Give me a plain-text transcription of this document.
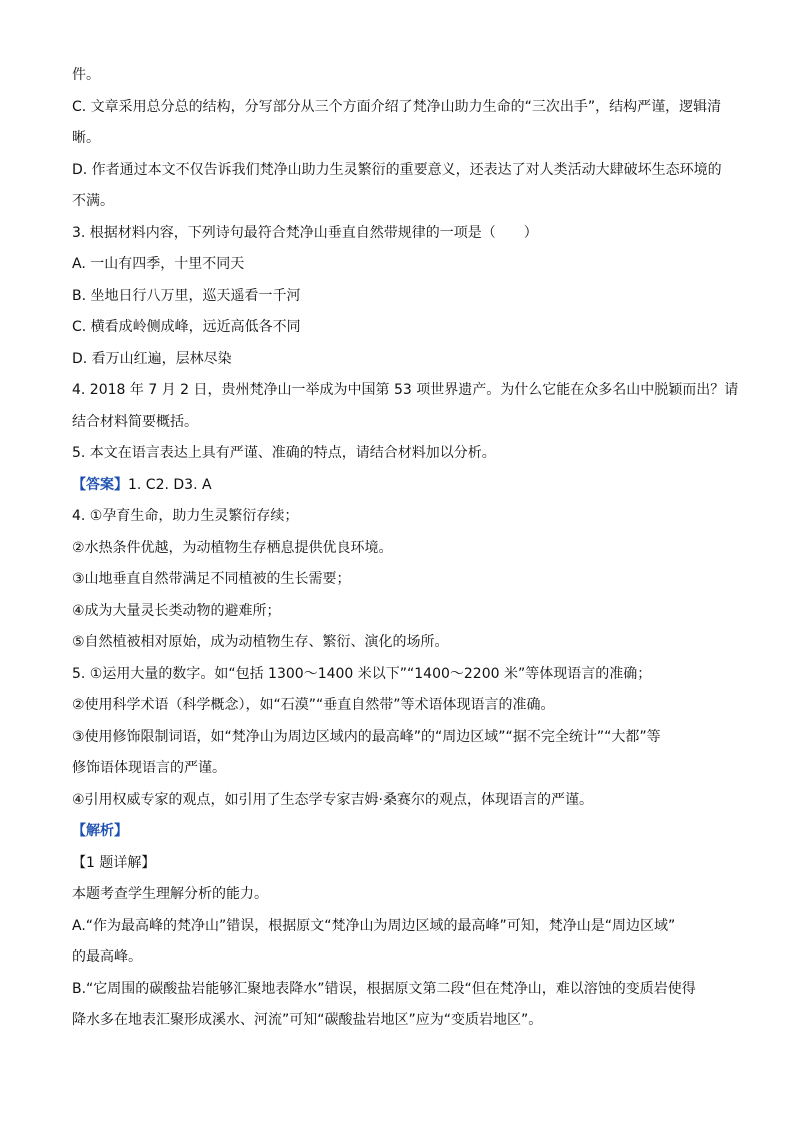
件。
C. 文章采用总分总的结构，分写部分从三个方面介绍了梵净山助力生命的“三次出手”，结构严谨，逻辑清
晰。
D. 作者通过本文不仅告诉我们梵净山助力生灵繁衍的重要意义，还表达了对人类活动大肆破坏生态环境的
不满。
3. 根据材料内容，下列诗句最符合梵净山垂直自然带规律的一项是（　　）
A. 一山有四季，十里不同天
B. 坐地日行八万里，巡天遥看一千河
C. 横看成岭侧成峰，远近高低各不同
D. 看万山红遍，层林尽染
4. 2018 年 7 月 2 日，贵州梵净山一举成为中国第 53 项世界遗产。为什么它能在众多名山中脱颖而出？请
结合材料简要概括。
5. 本文在语言表达上具有严谨、准确的特点，请结合材料加以分析。
【答案】1. C2. D3. A
4. ①孕育生命，助力生灵繁衍存续；
②水热条件优越，为动植物生存栖息提供优良环境。
③山地垂直自然带满足不同植被的生长需要；
④成为大量灵长类动物的避难所；
⑤自然植被相对原始，成为动植物生存、繁衍、演化的场所。
5. ①运用大量的数字。如“包括 1300～1400 米以下”“1400～2200 米”等体现语言的准确；
②使用科学术语（科学概念），如“石漠”“垂直自然带”等术语体现语言的准确。
③使用修饰限制词语，如“梵净山为周边区域内的最高峰”的“周边区域”“据不完全统计”“大都”等
修饰语体现语言的严谨。
④引用权威专家的观点，如引用了生态学专家吉姆·桑赛尔的观点，体现语言的严谨。
【解析】
【1 题详解】
本题考查学生理解分析的能力。
A.“作为最高峰的梵净山”错误，根据原文“梵净山为周边区域的最高峰”可知，梵净山是“周边区域”
的最高峰。
B.“它周围的碳酸盐岩能够汇聚地表降水”错误，根据原文第二段“但在梵净山，难以溶蚀的变质岩使得
降水多在地表汇聚形成溪水、河流”可知“碳酸盐岩地区”应为“变质岩地区”。
